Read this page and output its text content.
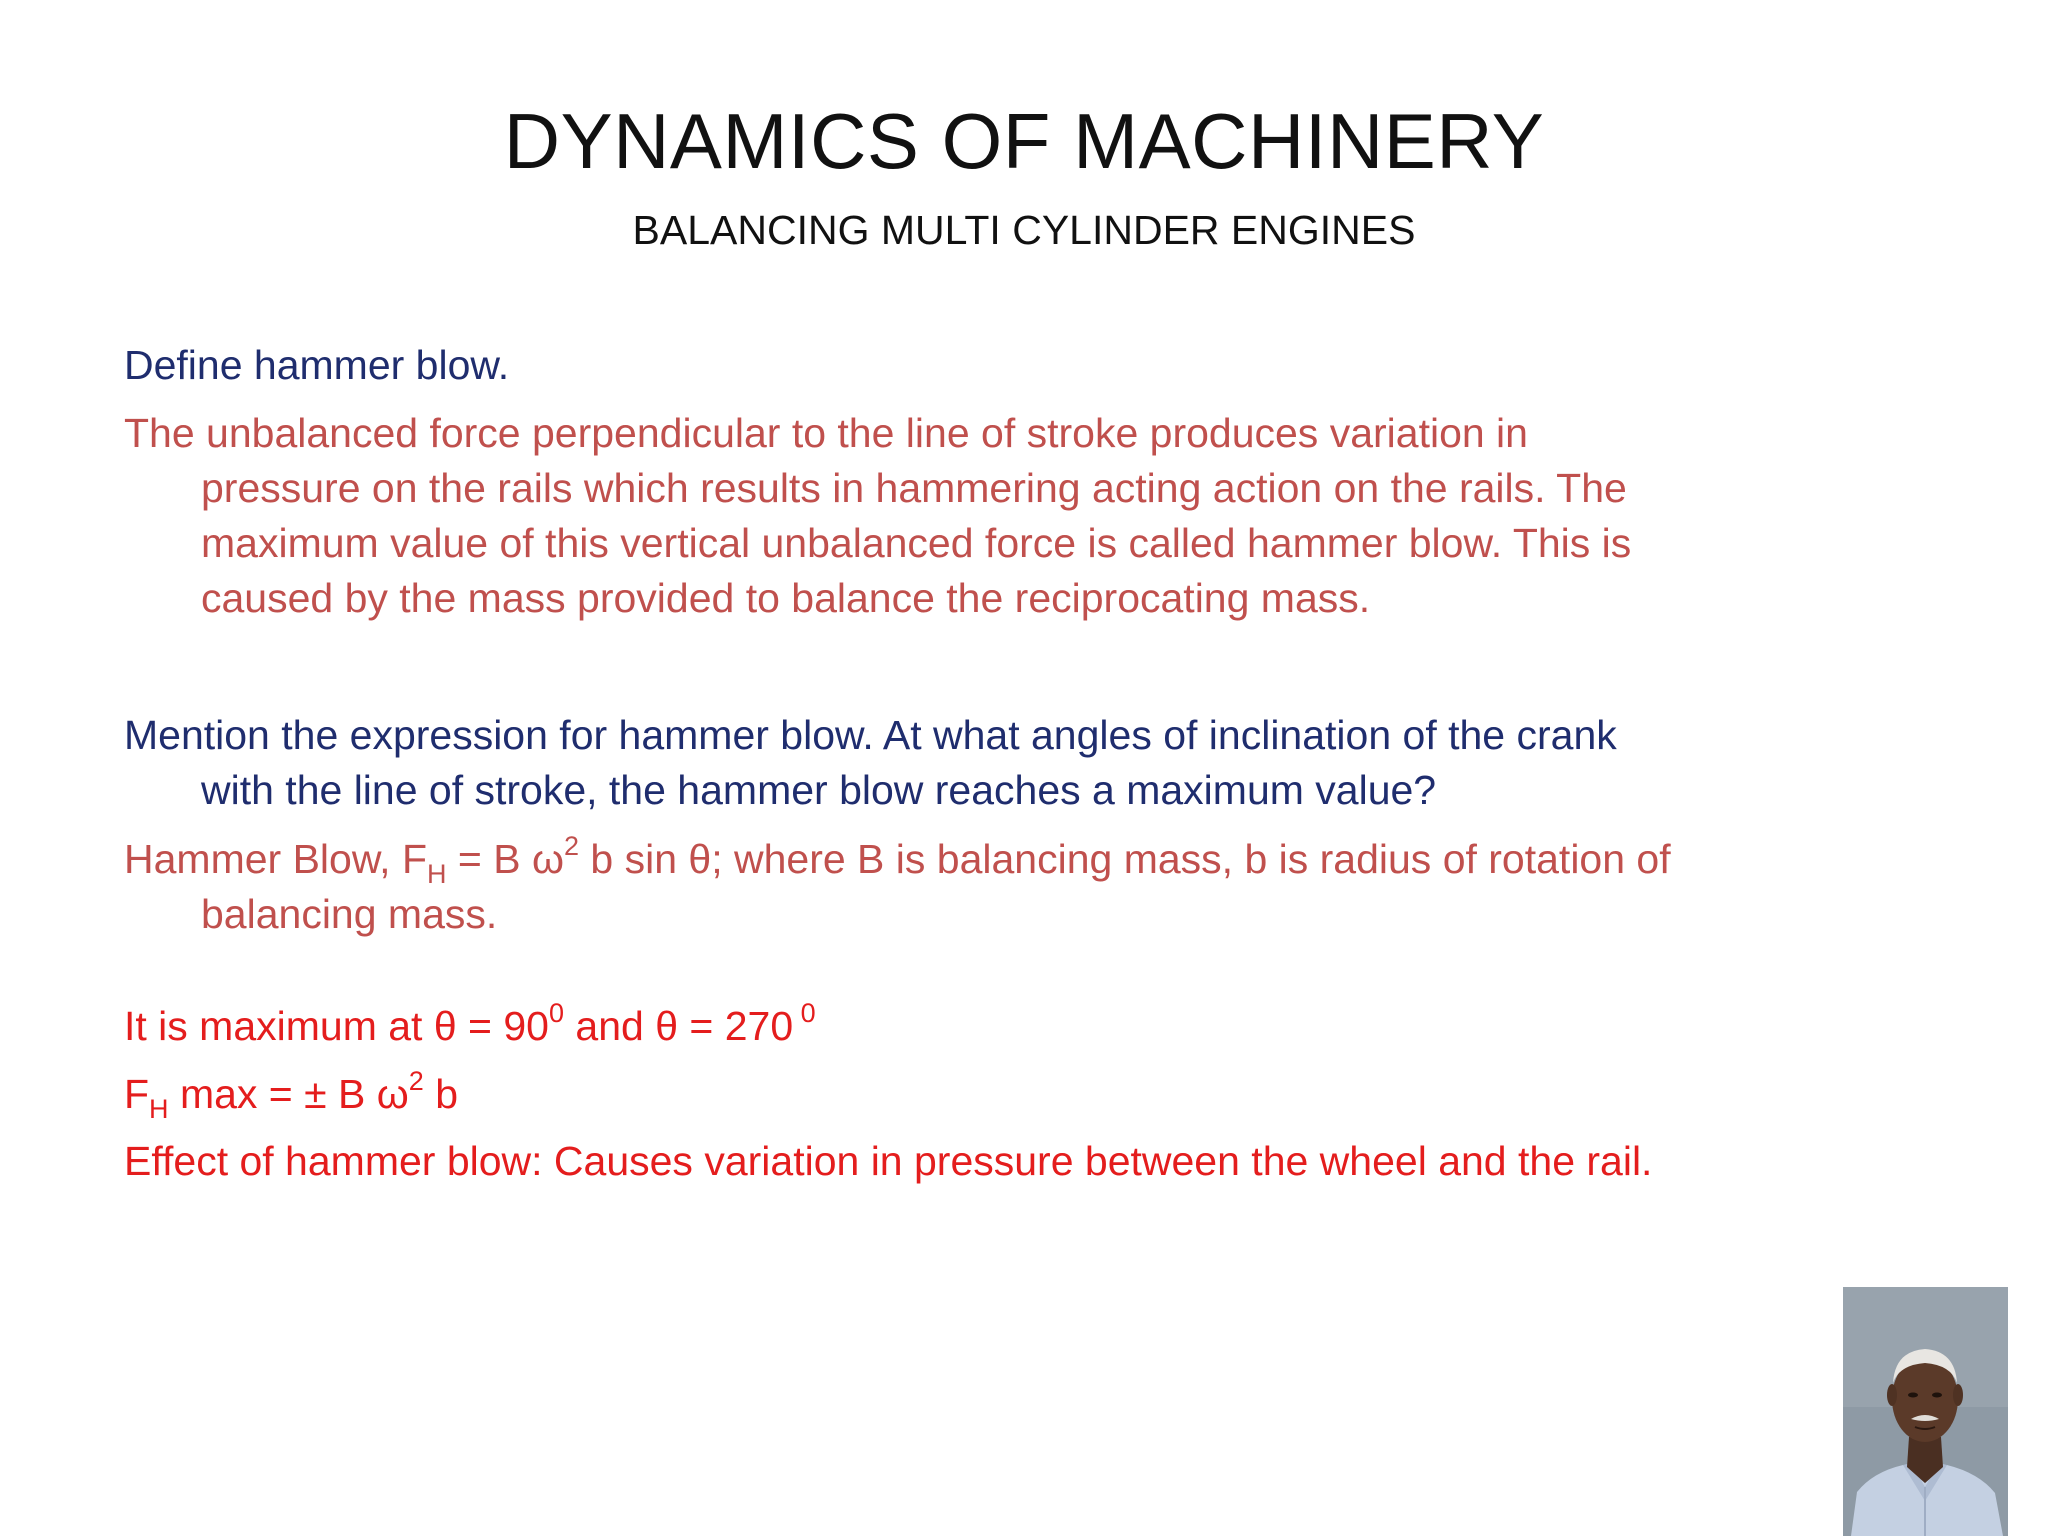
DYNAMICS OF MACHINERY
BALANCING MULTI CYLINDER ENGINES
Define hammer blow.
The unbalanced force perpendicular to the line of stroke produces variation in
pressure on the rails which results in hammering acting action on the rails. The
maximum value of this vertical unbalanced force is called hammer blow. This is
caused by the mass provided to balance the reciprocating mass.
Mention the expression for hammer blow. At what angles of inclination of the crank
with the line of stroke, the hammer blow reaches a maximum value?
Hammer Blow, $F_H = B$ $\omega^2$ b sin θ; where B is balancing mass, b is radius of rotation of
balancing mass.
It is maximum at $\theta = 90^0$ and θ = 270 $^0$
$F_H$ max = ± B $\omega^2$ b
Effect of hammer blow: Causes variation in pressure between the wheel and the rail.
